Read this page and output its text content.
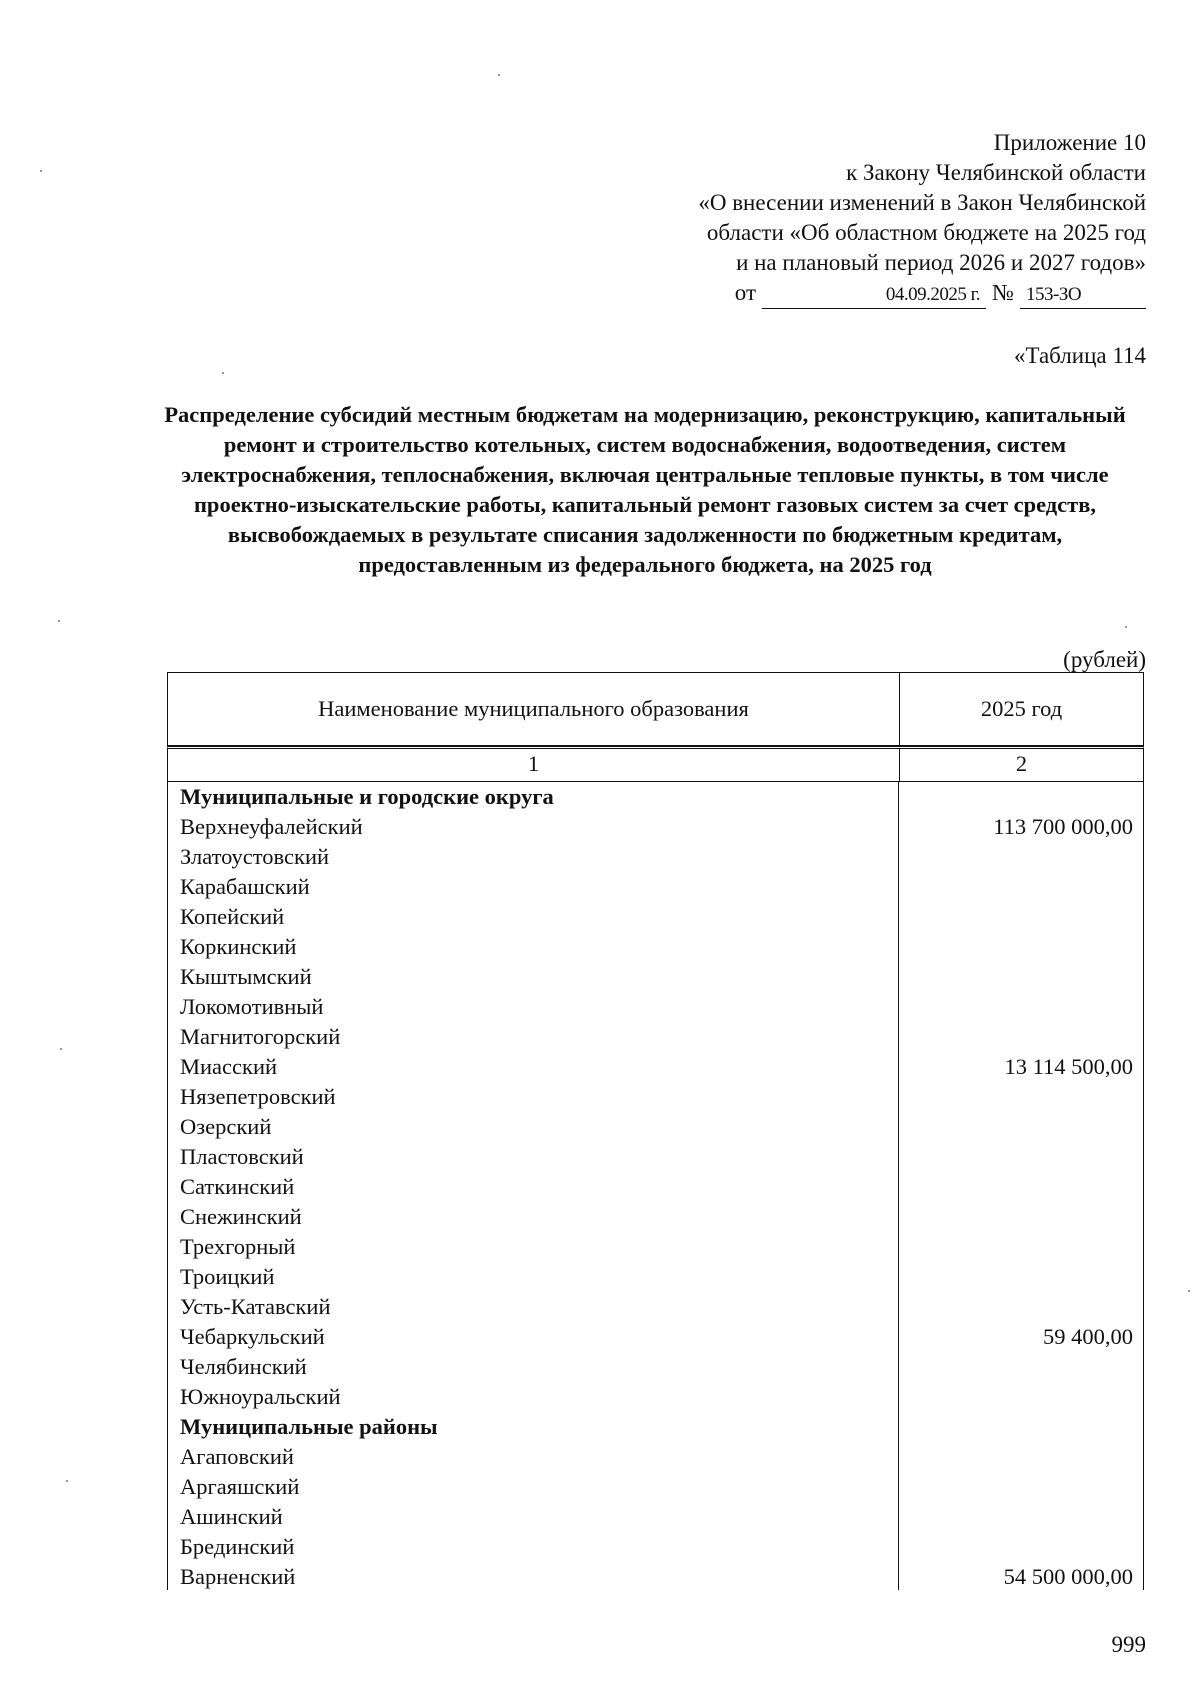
Приложение 10
к Закону Челябинской области
«О внесении изменений в Закон Челябинской
области «Об областном бюджете на 2025 год
и на плановый период 2026 и 2027 годов»
от	04.09.2025 г. № 153-ЗО
«Таблица 114
Распределение субсидий местным бюджетам на модернизацию, реконструкцию, капитальный ремонт и строительство котельных, систем водоснабжения, водоотведения, систем электроснабжения, теплоснабжения, включая центральные тепловые пункты, в том числе проектно-изыскательские работы, капитальный ремонт газовых систем за счет средств, высвобождаемых в результате списания задолженности по бюджетным кредитам, предоставленным из федерального бюджета, на 2025 год
(рублей)
Наименование муниципального образования	2025 год
1	2
Муниципальные и городские округа
Верхнеуфалейский	113 700 000,00
Златоустовский
Карабашский
Копейский
Коркинский
Кыштымский
Локомотивный
Магнитогорский
Миасский	13 114 500,00
Нязепетровский
Озерский
Пластовский
Саткинский
Снежинский
Трехгорный
Троицкий
Усть-Катавский
Чебаркульский	59 400,00
Челябинский
Южноуральский
Муниципальные районы
Агаповский
Аргаяшский
Ашинский
Брединский
Варненский	54 500 000,00
999
